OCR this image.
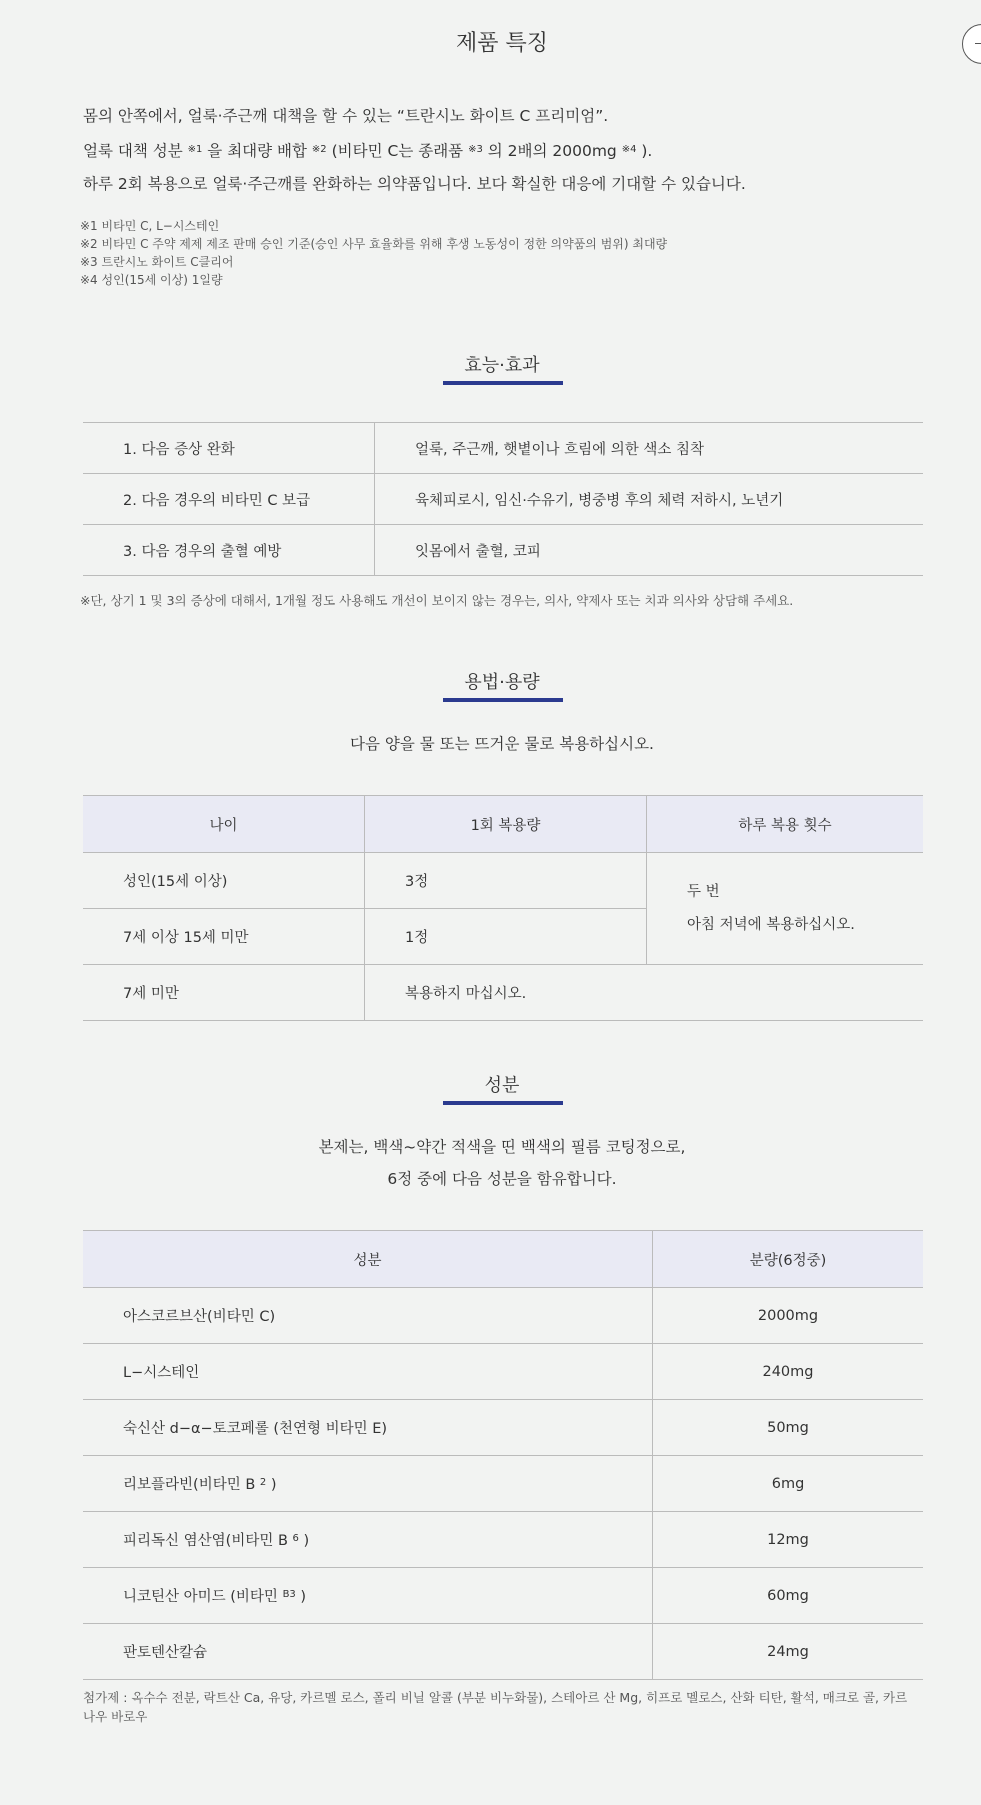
제품 특징
몸의 안쪽에서, 얼룩·주근깨 대책을 할 수 있는 “트란시노 화이트 C 프리미엄”.
얼룩 대책 성분 $^{※1}$ 을 최대량 배합 $^{※2}$ (비타민 C는 종래품 $^{※3}$ 의 2배의 2000mg $^{※4}$ ).
하루 2회 복용으로 얼룩·주근깨를 완화하는 의약품입니다. 보다 확실한 대응에 기대할 수 있습니다.
※1 비타민 C, L−시스테인
※2 비타민 C 주약 제제 제조 판매 승인 기준(승인 사무 효율화를 위해 후생 노동성이 정한 의약품의 범위) 최대량
※3 트란시노 화이트 C클리어
※4 성인(15세 이상) 1일량
효능·효과
1. 다음 증상 완화	얼룩, 주근깨, 햇볕이나 흐림에 의한 색소 침착
2. 다음 경우의 비타민 C 보급	육체피로시, 임신·수유기, 병중병 후의 체력 저하시, 노년기
3. 다음 경우의 출혈 예방	잇몸에서 출혈, 코피
※단, 상기 1 및 3의 증상에 대해서, 1개월 정도 사용해도 개선이 보이지 않는 경우는, 의사, 약제사 또는 치과 의사와 상담해 주세요.
용법·용량
다음 양을 물 또는 뜨거운 물로 복용하십시오.
나이	1회 복용량	하루 복용 횟수
성인(15세 이상)	3정	두 번
아침 저녁에 복용하십시오.

7세 이상 15세 미만	1정	
7세 미만	복용하지 마십시오.	
성분
본제는, 백색~약간 적색을 띤 백색의 필름 코팅정으로,
6정 중에 다음 성분을 함유합니다.
성분	분량(6정중)
아스코르브산(비타민 C)	2000mg
L−시스테인	240mg
숙신산 d−α−토코페롤 (천연형 비타민 E)	50mg
리보플라빈(비타민 B $^2$ )	6mg
피리독신 염산염(비타민 B $^6$ )	12mg
니코틴산 아미드 (비타민 $^{B3}$ )	60mg
판토텐산칼슘	24mg
첨가제 : 옥수수 전분, 락트산 Ca, 유당, 카르멜 로스, 폴리 비닐 알콜 (부분 비누화물), 스테아르 산 Mg, 히프로 멜로스, 산화 티탄, 활석, 매크로 골, 카르 나우 바로우
